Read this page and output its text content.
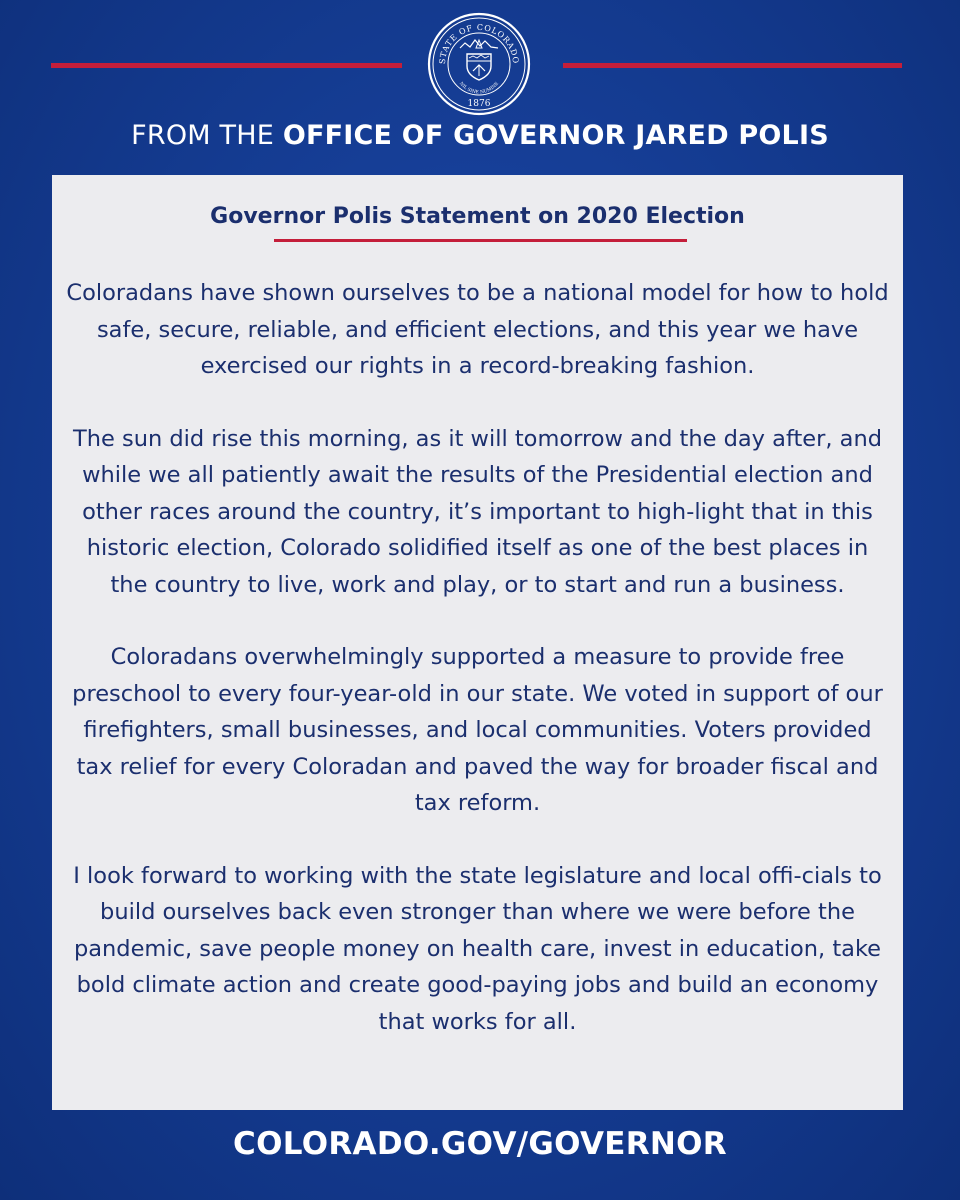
STATE OF COLORADO
NIL SINE NUMINE
1876
FROM THE OFFICE OF GOVERNOR JARED POLIS
Governor Polis Statement on 2020 Election

Coloradans have shown ourselves to be a national model for how to hold safe, secure, reliable, and efficient elections, and this year we have exercised our rights in a record-breaking fashion.

The sun did rise this morning, as it will tomorrow and the day after, and while we all patiently await the results of the Presidential election and other races around the country, it’s important to high-light that in this historic election, Colorado solidified itself as one of the best places in the country to live, work and play, or to start and run a business.

Coloradans overwhelmingly supported a measure to provide free preschool to every four-year-old in our state. We voted in support of our firefighters, small businesses, and local communities. Voters provided tax relief for every Coloradan and paved the way for broader fiscal and tax reform.

I look forward to working with the state legislature and local offi-cials to build ourselves back even stronger than where we were before the pandemic, save people money on health care, invest in education, take bold climate action and create good-paying jobs and build an economy that works for all.

COLORADO.GOV/GOVERNOR
